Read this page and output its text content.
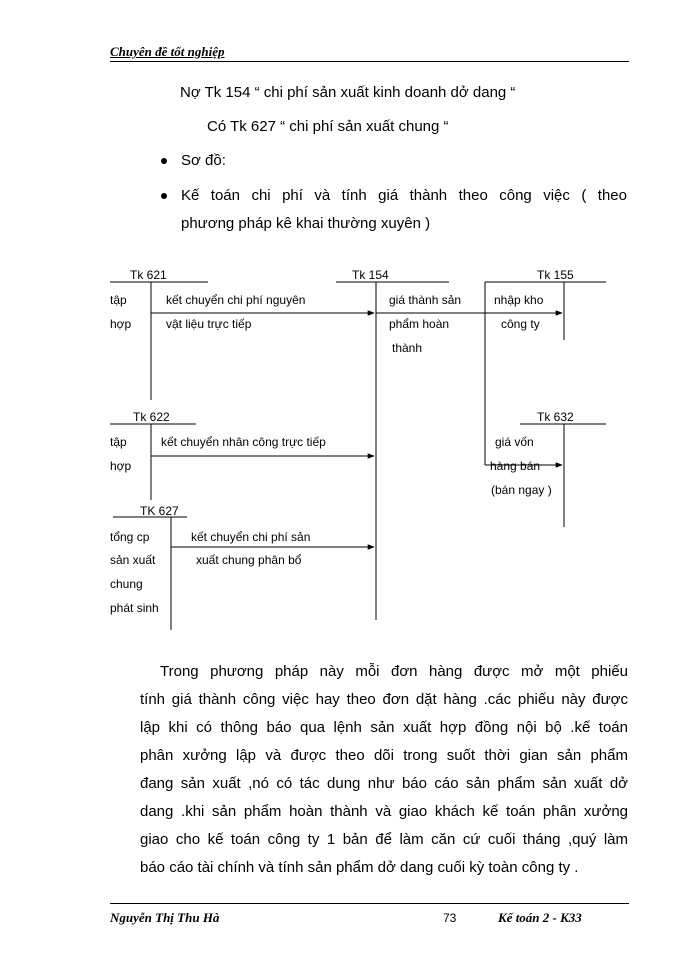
Chuyên đề tốt nghiệp
Nợ Tk 154 “ chi phí sản xuất kinh doanh dở dang “
Có Tk 627 “ chi phí sản xuất chung “
Sơ đồ:
Kế toán chi phí và tính giá thành theo công việc ( theo
phương pháp kê khai thường xuyên )
Tk 621
tập
hợp
kết chuyển chi phí nguyên
vật liệu trực tiếp
Tk 154
giá thành sản
phẩm hoàn
thành
Tk 155
nhập kho
công ty
Tk 622
tập
hợp
kết chuyển nhân công trực tiếp
Tk 632
giá vốn
hàng bán
(bán ngay )
TK 627
tổng cp
sản xuất
chung
phát sinh
kết chuyển chi phí sản
xuất chung phân bổ
Trong phương pháp này mỗi đơn hàng được mở một phiếu
tính giá thành công việc hay theo đơn dặt hàng .các phiếu này được
lập khi có thông báo qua lệnh sản xuất hợp đồng nội bộ .kế toán
phân xưởng lập và được theo dõi trong suốt thời gian sản phẩm
đang sản xuất ,nó có tác dung như báo cáo sản phẩm sản xuất dở
dang .khi sản phẩm hoàn thành và giao khách kế toán phân xưởng
giao cho kế toán công ty 1 bản để làm căn cứ cuối tháng ,quý làm
báo cáo tài chính và tính sản phẩm dở dang cuối kỳ toàn công ty .
Nguyễn Thị Thu Hà	73	Kế toán 2 - K33
